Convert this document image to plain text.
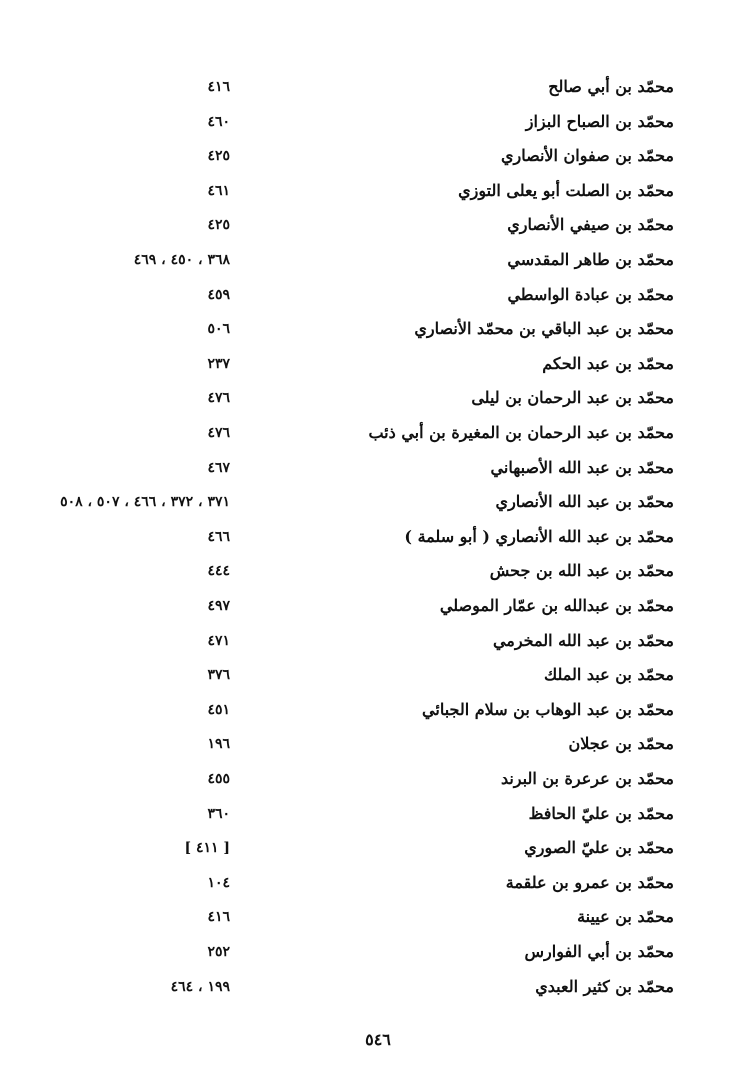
محمّد بن أبي صالح
٤١٦
محمّد بن الصباح البزاز
٤٦٠
محمّد بن صفوان الأنصاري
٤٢٥
محمّد بن الصلت أبو يعلى التوزي
٤٦١
محمّد بن صيفي الأنصاري
٤٢٥
محمّد بن طاهر المقدسي
٣٦٨ ، ٤٥٠ ، ٤٦٩
محمّد بن عبادة الواسطي
٤٥٩
محمّد بن عبد الباقي بن محمّد الأنصاري
٥٠٦
محمّد بن عبد الحكم
٢٣٧
محمّد بن عبد الرحمان بن ليلى
٤٧٦
محمّد بن عبد الرحمان بن المغيرة بن أبي ذئب
٤٧٦
محمّد بن عبد الله الأصبهاني
٤٦٧
محمّد بن عبد الله الأنصاري
٣٧١ ، ٣٧٢ ، ٤٦٦ ، ٥٠٧ ، ٥٠٨
محمّد بن عبد الله الأنصاري ( أبو سلمة )
٤٦٦
محمّد بن عبد الله بن جحش
٤٤٤
محمّد بن عبدالله بن عمّار الموصلي
٤٩٧
محمّد بن عبد الله المخرمي
٤٧١
محمّد بن عبد الملك
٣٧٦
محمّد بن عبد الوهاب بن سلام الجبائي
٤٥١
محمّد بن عجلان
١٩٦
محمّد بن عرعرة بن البرند
٤٥٥
محمّد بن عليّ الحافظ
٣٦٠
محمّد بن عليّ الصوري
[ ٤١١ ]
محمّد بن عمرو بن علقمة
١٠٤
محمّد بن عيينة
٤١٦
محمّد بن أبي الفوارس
٢٥٢
محمّد بن كثير العبدي
١٩٩ ، ٤٦٤
٥٤٦
